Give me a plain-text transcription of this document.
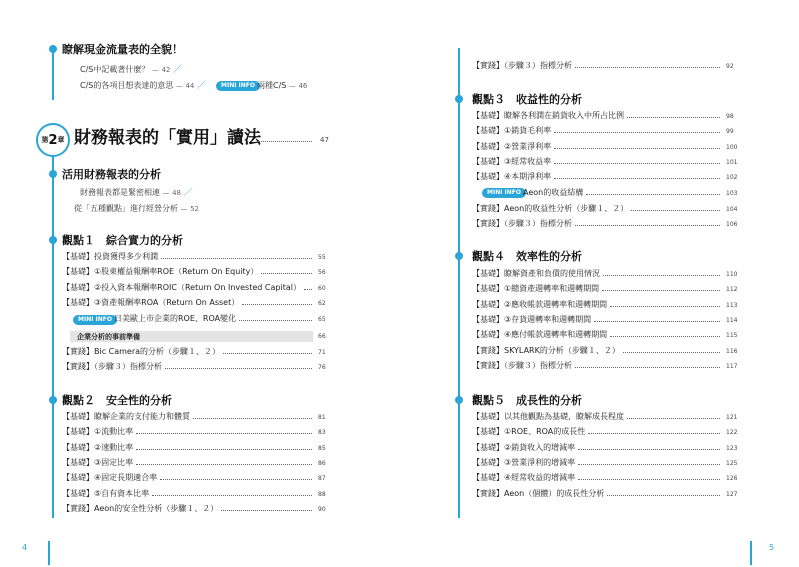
瞭解現金流量表的全貌！
C/S中記載著什麼？ — 42 ／
C/S的各項目想表達的意思 — 44 ／	MINI INFO 兩種C/S — 46
第 2 章 財務報表的「實用」讀法	47
活用財務報表的分析
財務報表都是緊密相連 — 48 ／
從「五種觀點」進行經營分析 — 52
觀點１　綜合實力的分析
【基礎】投資獲得多少利潤	55
【基礎】①股東權益報酬率ROE（Return On Equity）	56
【基礎】②投入資本報酬率ROIC（Return On Invested Capital）	60
【基礎】③資產報酬率ROA（Return On Asset）	62
MINI INFO 日美歐上市企業的ROE、ROA變化	65
企業分析的事前準備	66
【實踐】Bic Camera的分析（步驟１、２）	71
【實踐】（步驟３）指標分析	76
觀點２　安全性的分析
【基礎】瞭解企業的支付能力和體質	81
【基礎】①流動比率	83
【基礎】②速動比率	85
【基礎】③固定比率	86
【基礎】④固定長期適合率	87
【基礎】⑤自有資本比率	88
【實踐】Aeon的安全性分析（步驟１、２）	90
4
【實踐】（步驟３）指標分析	92
觀點３　收益性的分析
【基礎】瞭解各利潤在銷貨收入中所占比例	98
【基礎】①銷貨毛利率	99
【基礎】②營業淨利率	100
【基礎】③經常收益率	101
【基礎】④本期淨利率	102
MINI INFO Aeon的收益結構	103
【實踐】Aeon的收益性分析（步驟１、２）	104
【實踐】（步驟３）指標分析	106
觀點４　效率性的分析
【基礎】瞭解資產和負債的使用情況	110
【基礎】①總資產週轉率和週轉期間	112
【基礎】②應收帳款週轉率和週轉期間	113
【基礎】③存貨週轉率和週轉期間	114
【基礎】④應付帳款週轉率和週轉期間	115
【實踐】SKYLARK的分析（步驟１、２）	116
【實踐】（步驟３）指標分析	117
觀點５　成長性的分析
【基礎】以其他觀點為基礎，瞭解成長程度	121
【基礎】①ROE、ROA的成長性	122
【基礎】②銷貨收入的增減率	123
【基礎】③營業淨利的增減率	125
【基礎】④經常收益的增減率	126
【實踐】Aeon（個體）的成長性分析	127
5
